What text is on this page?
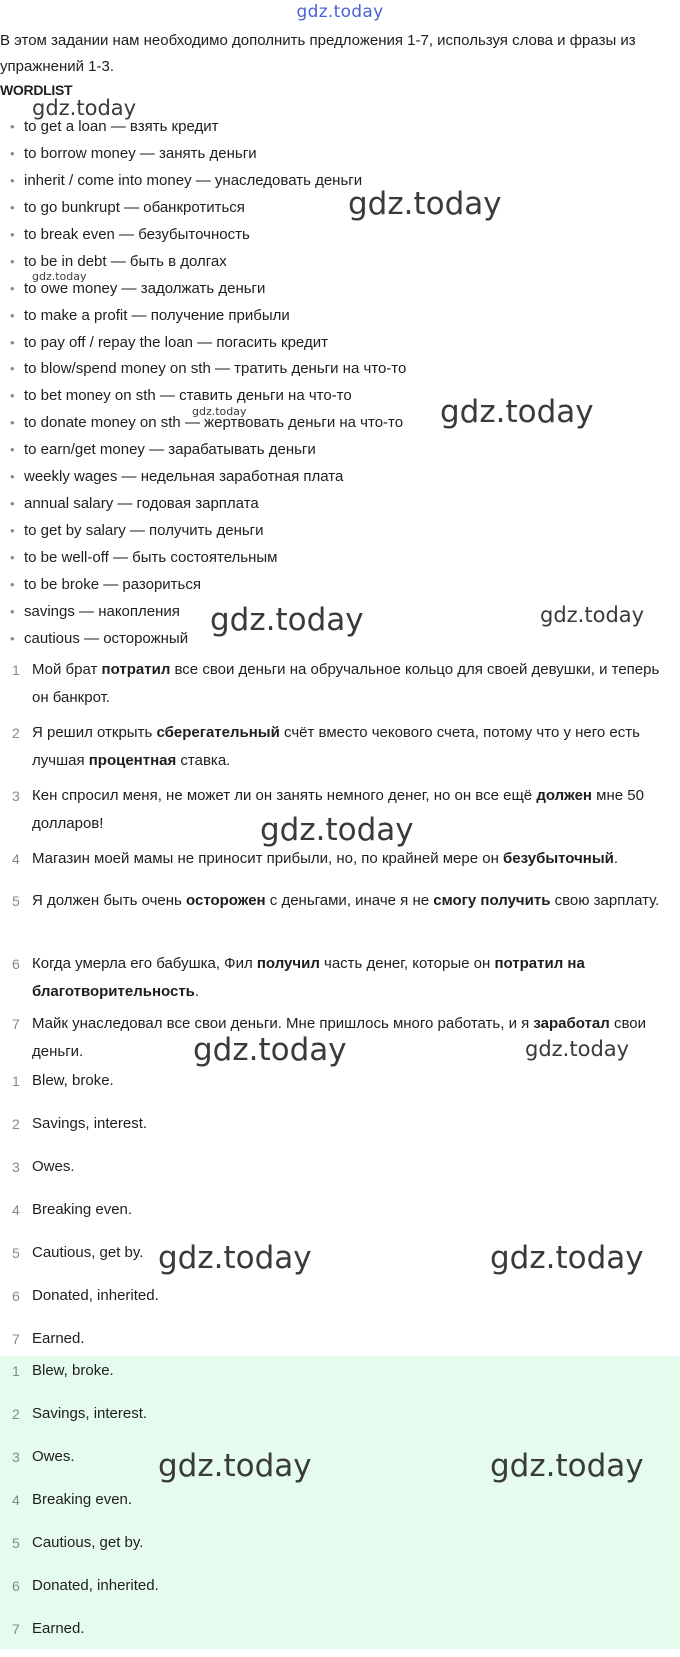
gdz.today
В этом задании нам необходимо дополнить предложения 1-7, используя слова и фразы из упражнений 1-3.
WORDLIST
• to get a loan — взять кредит
• to borrow money — занять деньги
• inherit / come into money — унаследовать деньги
• to go bunkrupt — обанкротиться
• to break even — безубыточность
• to be in debt — быть в долгах
• to owe money — задолжать деньги
• to make a profit — получение прибыли
• to pay off / repay the loan — погасить кредит
• to blow/spend money on sth — тратить деньги на что-то
• to bet money on sth — ставить деньги на что-то
• to donate money on sth — жертвовать деньги на что-то
• to earn/get money — зарабатывать деньги
• weekly wages — недельная заработная плата
• annual salary — годовая зарплата
• to get by salary — получить деньги
• to be well-off — быть состоятельным
• to be broke — разориться
• savings — накопления
• cautious — осторожный
1 Мой брат потратил все свои деньги на обручальное кольцо для своей девушки, и теперь он банкрот.
2 Я решил открыть сберегательный счёт вместо чекового счета, потому что у него есть лучшая процентная ставка.
3 Кен спросил меня, не может ли он занять немного денег, но он все ещё должен мне 50 долларов!
4 Магазин моей мамы не приносит прибыли, но, по крайней мере он безубыточный.
5 Я должен быть очень осторожен с деньгами, иначе я не смогу получить свою зарплату.
6 Когда умерла его бабушка, Фил получил часть денег, которые он потратил на благотворительность.
7 Майк унаследовал все свои деньги. Мне пришлось много работать, и я заработал свои деньги.
1 Blew, broke.
2 Savings, interest.
3 Owes.
4 Breaking even.
5 Cautious, get by.
6 Donated, inherited.
7 Earned.
1 Blew, broke.
2 Savings, interest.
3 Owes.
4 Breaking even.
5 Cautious, get by.
6 Donated, inherited.
7 Earned.
gdz.today
gdz.today
gdz.today
gdz.today	gdz.today
gdz.today	gdz.today
gdz.today
gdz.today	gdz.today
gdz.today	gdz.today
gdz.today	gdz.today
